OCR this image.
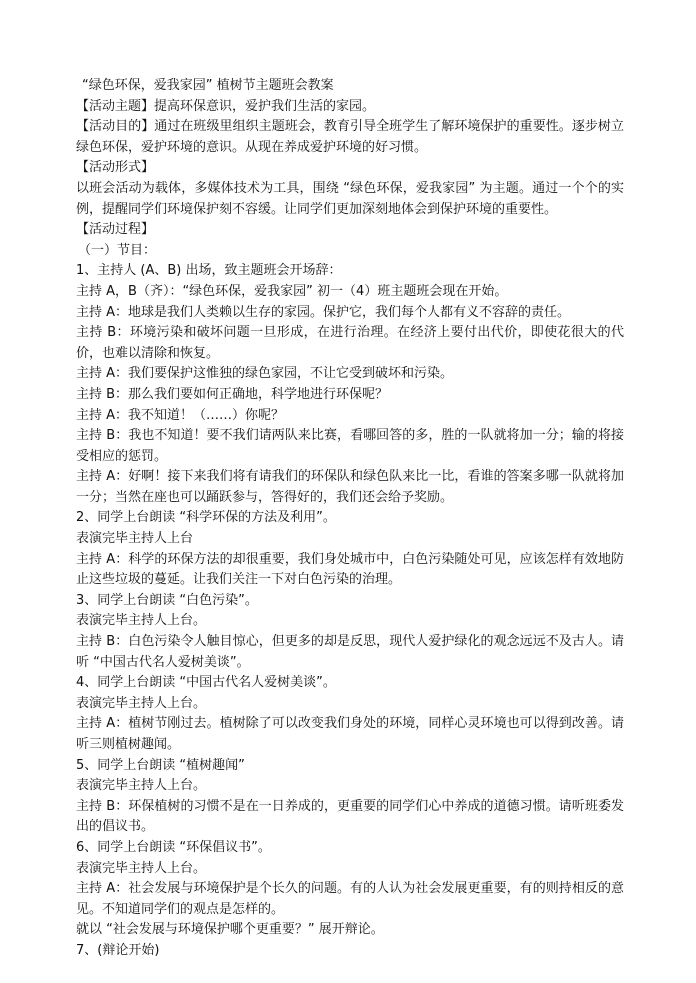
“绿色环保，爱我家园” 植树节主题班会教案

【活动主题】提高环保意识，爱护我们生活的家园。

【活动目的】通过在班级里组织主题班会，教育引导全班学生了解环境保护的重要性。逐步树立绿色环保，爱护环境的意识。从现在养成爱护环境的好习惯。

【活动形式】

以班会活动为载体，多媒体技术为工具，围绕 “绿色环保，爱我家园” 为主题。通过一个个的实例，提醒同学们环境保护刻不容缓。让同学们更加深刻地体会到保护环境的重要性。

【活动过程】

（一）节目：

1、主持人 (A、B) 出场，致主题班会开场辞：

主持 A，B（齐）：“绿色环保，爱我家园” 初一（4）班主题班会现在开始。

主持 A：地球是我们人类赖以生存的家园。保护它，我们每个人都有义不容辞的责任。

主持 B：环境污染和破坏问题一旦形成，在进行治理。在经济上要付出代价，即使花很大的代价，也难以清除和恢复。

主持 A：我们要保护这惟独的绿色家园，不让它受到破坏和污染。

主持 B：那么我们要如何正确地，科学地进行环保呢？

主持 A：我不知道！（……）你呢？

主持 B：我也不知道！要不我们请两队来比赛，看哪回答的多，胜的一队就将加一分；输的将接受相应的惩罚。

主持 A：好啊！接下来我们将有请我们的环保队和绿色队来比一比，看谁的答案多哪一队就将加一分；当然在座也可以踊跃参与，答得好的，我们还会给予奖励。

2、同学上台朗读 “科学环保的方法及利用”。

表演完毕主持人上台

主持 A：科学的环保方法的却很重要，我们身处城市中，白色污染随处可见，应该怎样有效地防止这些垃圾的蔓延。让我们关注一下对白色污染的治理。

3、同学上台朗读 “白色污染”。

表演完毕主持人上台。

主持 B：白色污染令人触目惊心，但更多的却是反思，现代人爱护绿化的观念远远不及古人。请听 “中国古代名人爱树美谈”。

4、同学上台朗读 “中国古代名人爱树美谈”。

表演完毕主持人上台。

主持 A：植树节刚过去。植树除了可以改变我们身处的环境，同样心灵环境也可以得到改善。请听三则植树趣闻。

5、同学上台朗读 “植树趣闻”

表演完毕主持人上台。

主持 B：环保植树的习惯不是在一日养成的，更重要的同学们心中养成的道德习惯。请听班委发出的倡议书。

6、同学上台朗读 “环保倡议书”。

表演完毕主持人上台。

主持 A：社会发展与环境保护是个长久的问题。有的人认为社会发展更重要，有的则持相反的意见。不知道同学们的观点是怎样的。

就以 “社会发展与环境保护哪个更重要？” 展开辩论。

7、(辩论开始)
